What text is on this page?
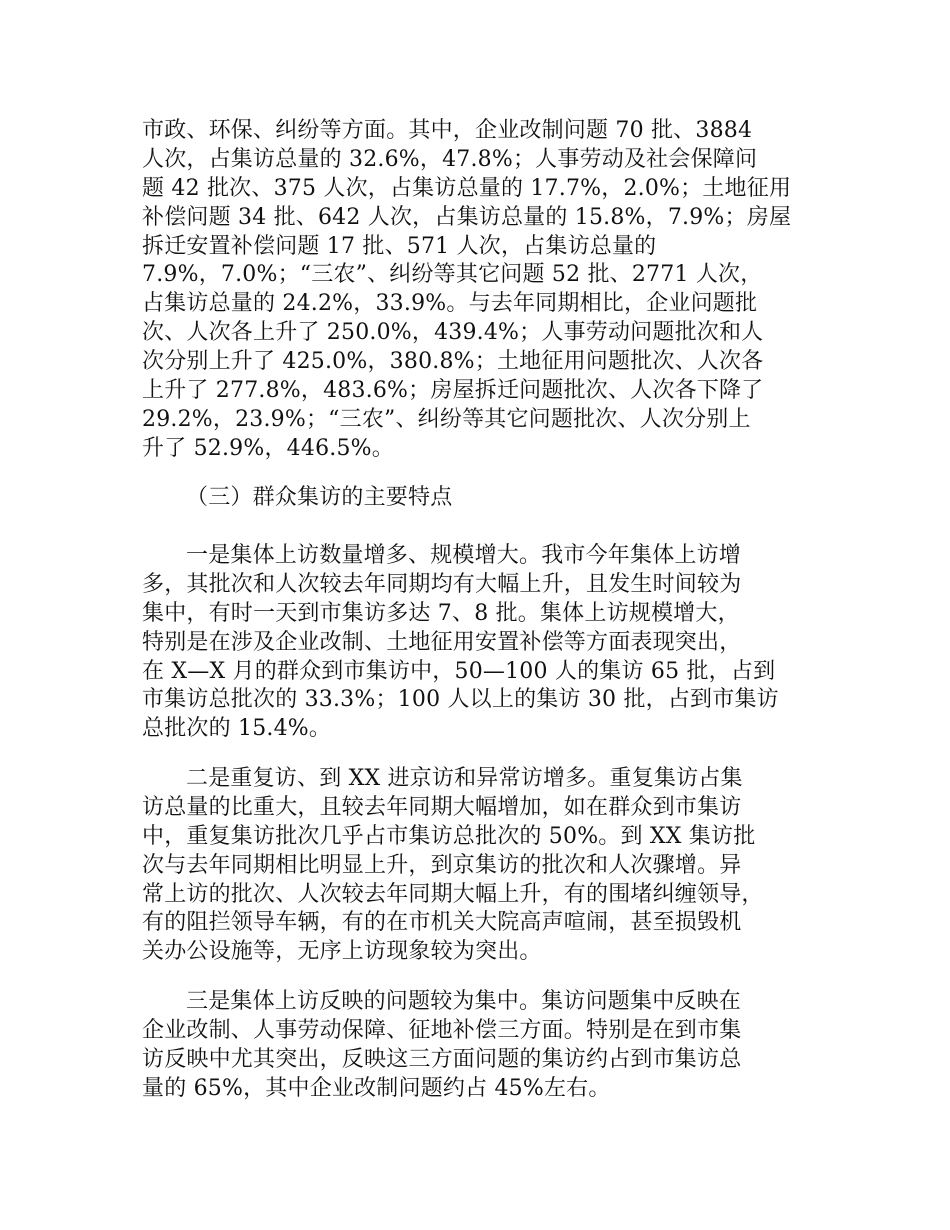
市政、环保、纠纷等方面。其中，企业改制问题 70 批、3884
人次，占集访总量的 32.6%，47.8%；人事劳动及社会保障问
题 42 批次、375 人次，占集访总量的 17.7%，2.0%；土地征用
补偿问题 34 批、642 人次，占集访总量的 15.8%，7.9%；房屋
拆迁安置补偿问题 17 批、571 人次，占集访总量的
7.9%，7.0%；“三农”、纠纷等其它问题 52 批、2771 人次，
占集访总量的 24.2%，33.9%。与去年同期相比，企业问题批
次、人次各上升了 250.0%，439.4%；人事劳动问题批次和人
次分别上升了 425.0%，380.8%；土地征用问题批次、人次各
上升了 277.8%，483.6%；房屋拆迁问题批次、人次各下降了
29.2%，23.9%；“三农”、纠纷等其它问题批次、人次分别上
升了 52.9%，446.5%。
（三）群众集访的主要特点
一是集体上访数量增多、规模增大。我市今年集体上访增
多，其批次和人次较去年同期均有大幅上升，且发生时间较为
集中，有时一天到市集访多达 7、8 批。集体上访规模增大，
特别是在涉及企业改制、土地征用安置补偿等方面表现突出，
在 X—X 月的群众到市集访中，50—100 人的集访 65 批，占到
市集访总批次的 33.3%；100 人以上的集访 30 批，占到市集访
总批次的 15.4%。
二是重复访、到 XX 进京访和异常访增多。重复集访占集
访总量的比重大，且较去年同期大幅增加，如在群众到市集访
中，重复集访批次几乎占市集访总批次的 50%。到 XX 集访批
次与去年同期相比明显上升，到京集访的批次和人次骤增。异
常上访的批次、人次较去年同期大幅上升，有的围堵纠缠领导，
有的阻拦领导车辆，有的在市机关大院高声喧闹，甚至损毁机
关办公设施等，无序上访现象较为突出。
三是集体上访反映的问题较为集中。集访问题集中反映在
企业改制、人事劳动保障、征地补偿三方面。特别是在到市集
访反映中尤其突出，反映这三方面问题的集访约占到市集访总
量的 65%，其中企业改制问题约占 45%左右。
